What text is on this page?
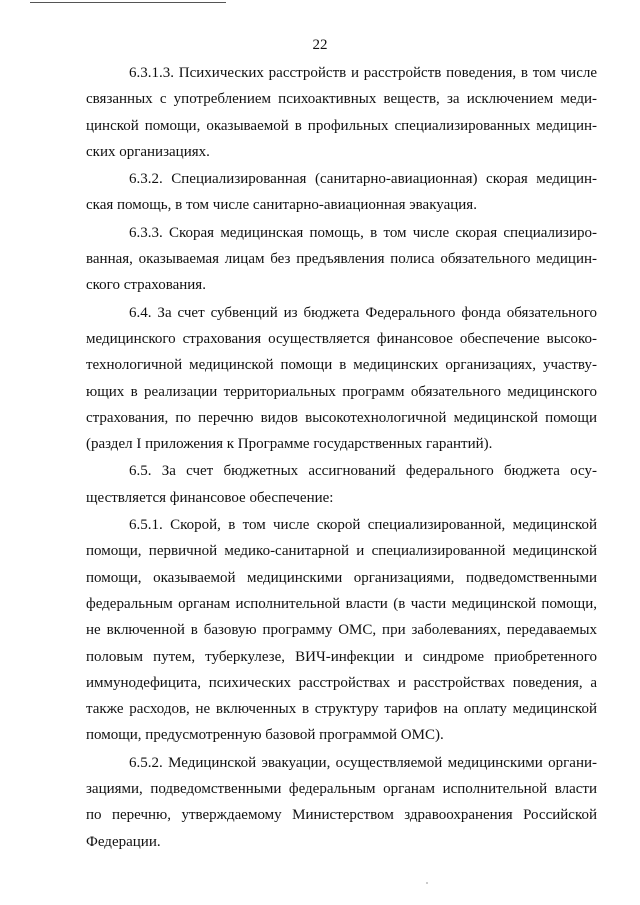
22
6.3.1.3. Психических расстройств и расстройств поведения, в том числе
связанных с употреблением психоактивных веществ, за исключением меди-
цинской помощи, оказываемой в профильных специализированных медицин-
ских организациях.
6.3.2. Специализированная (санитарно-авиационная) скорая медицин-
ская помощь, в том числе санитарно-авиационная эвакуация.
6.3.3. Скорая медицинская помощь, в том числе скорая специализиро-
ванная, оказываемая лицам без предъявления полиса обязательного медицин-
ского страхования.
6.4. За счет субвенций из бюджета Федерального фонда обязательного
медицинского страхования осуществляется финансовое обеспечение высоко-
технологичной медицинской помощи в медицинских организациях, участву-
ющих в реализации территориальных программ обязательного медицинского
страхования, по перечню видов высокотехнологичной медицинской помощи
(раздел I приложения к Программе государственных гарантий).
6.5. За счет бюджетных ассигнований федерального бюджета осу-
ществляется финансовое обеспечение:
6.5.1. Скорой, в том числе скорой специализированной, медицинской
помощи, первичной медико-санитарной и специализированной медицинской
помощи, оказываемой медицинскими организациями, подведомственными
федеральным органам исполнительной власти (в части медицинской помощи,
не включенной в базовую программу ОМС, при заболеваниях, передаваемых
половым путем, туберкулезе, ВИЧ-инфекции и синдроме приобретенного
иммунодефицита, психических расстройствах и расстройствах поведения, а
также расходов, не включенных в структуру тарифов на оплату медицинской
помощи, предусмотренную базовой программой ОМС).
6.5.2. Медицинской эвакуации, осуществляемой медицинскими органи-
зациями, подведомственными федеральным органам исполнительной власти
по перечню, утверждаемому Министерством здравоохранения Российской
Федерации.
